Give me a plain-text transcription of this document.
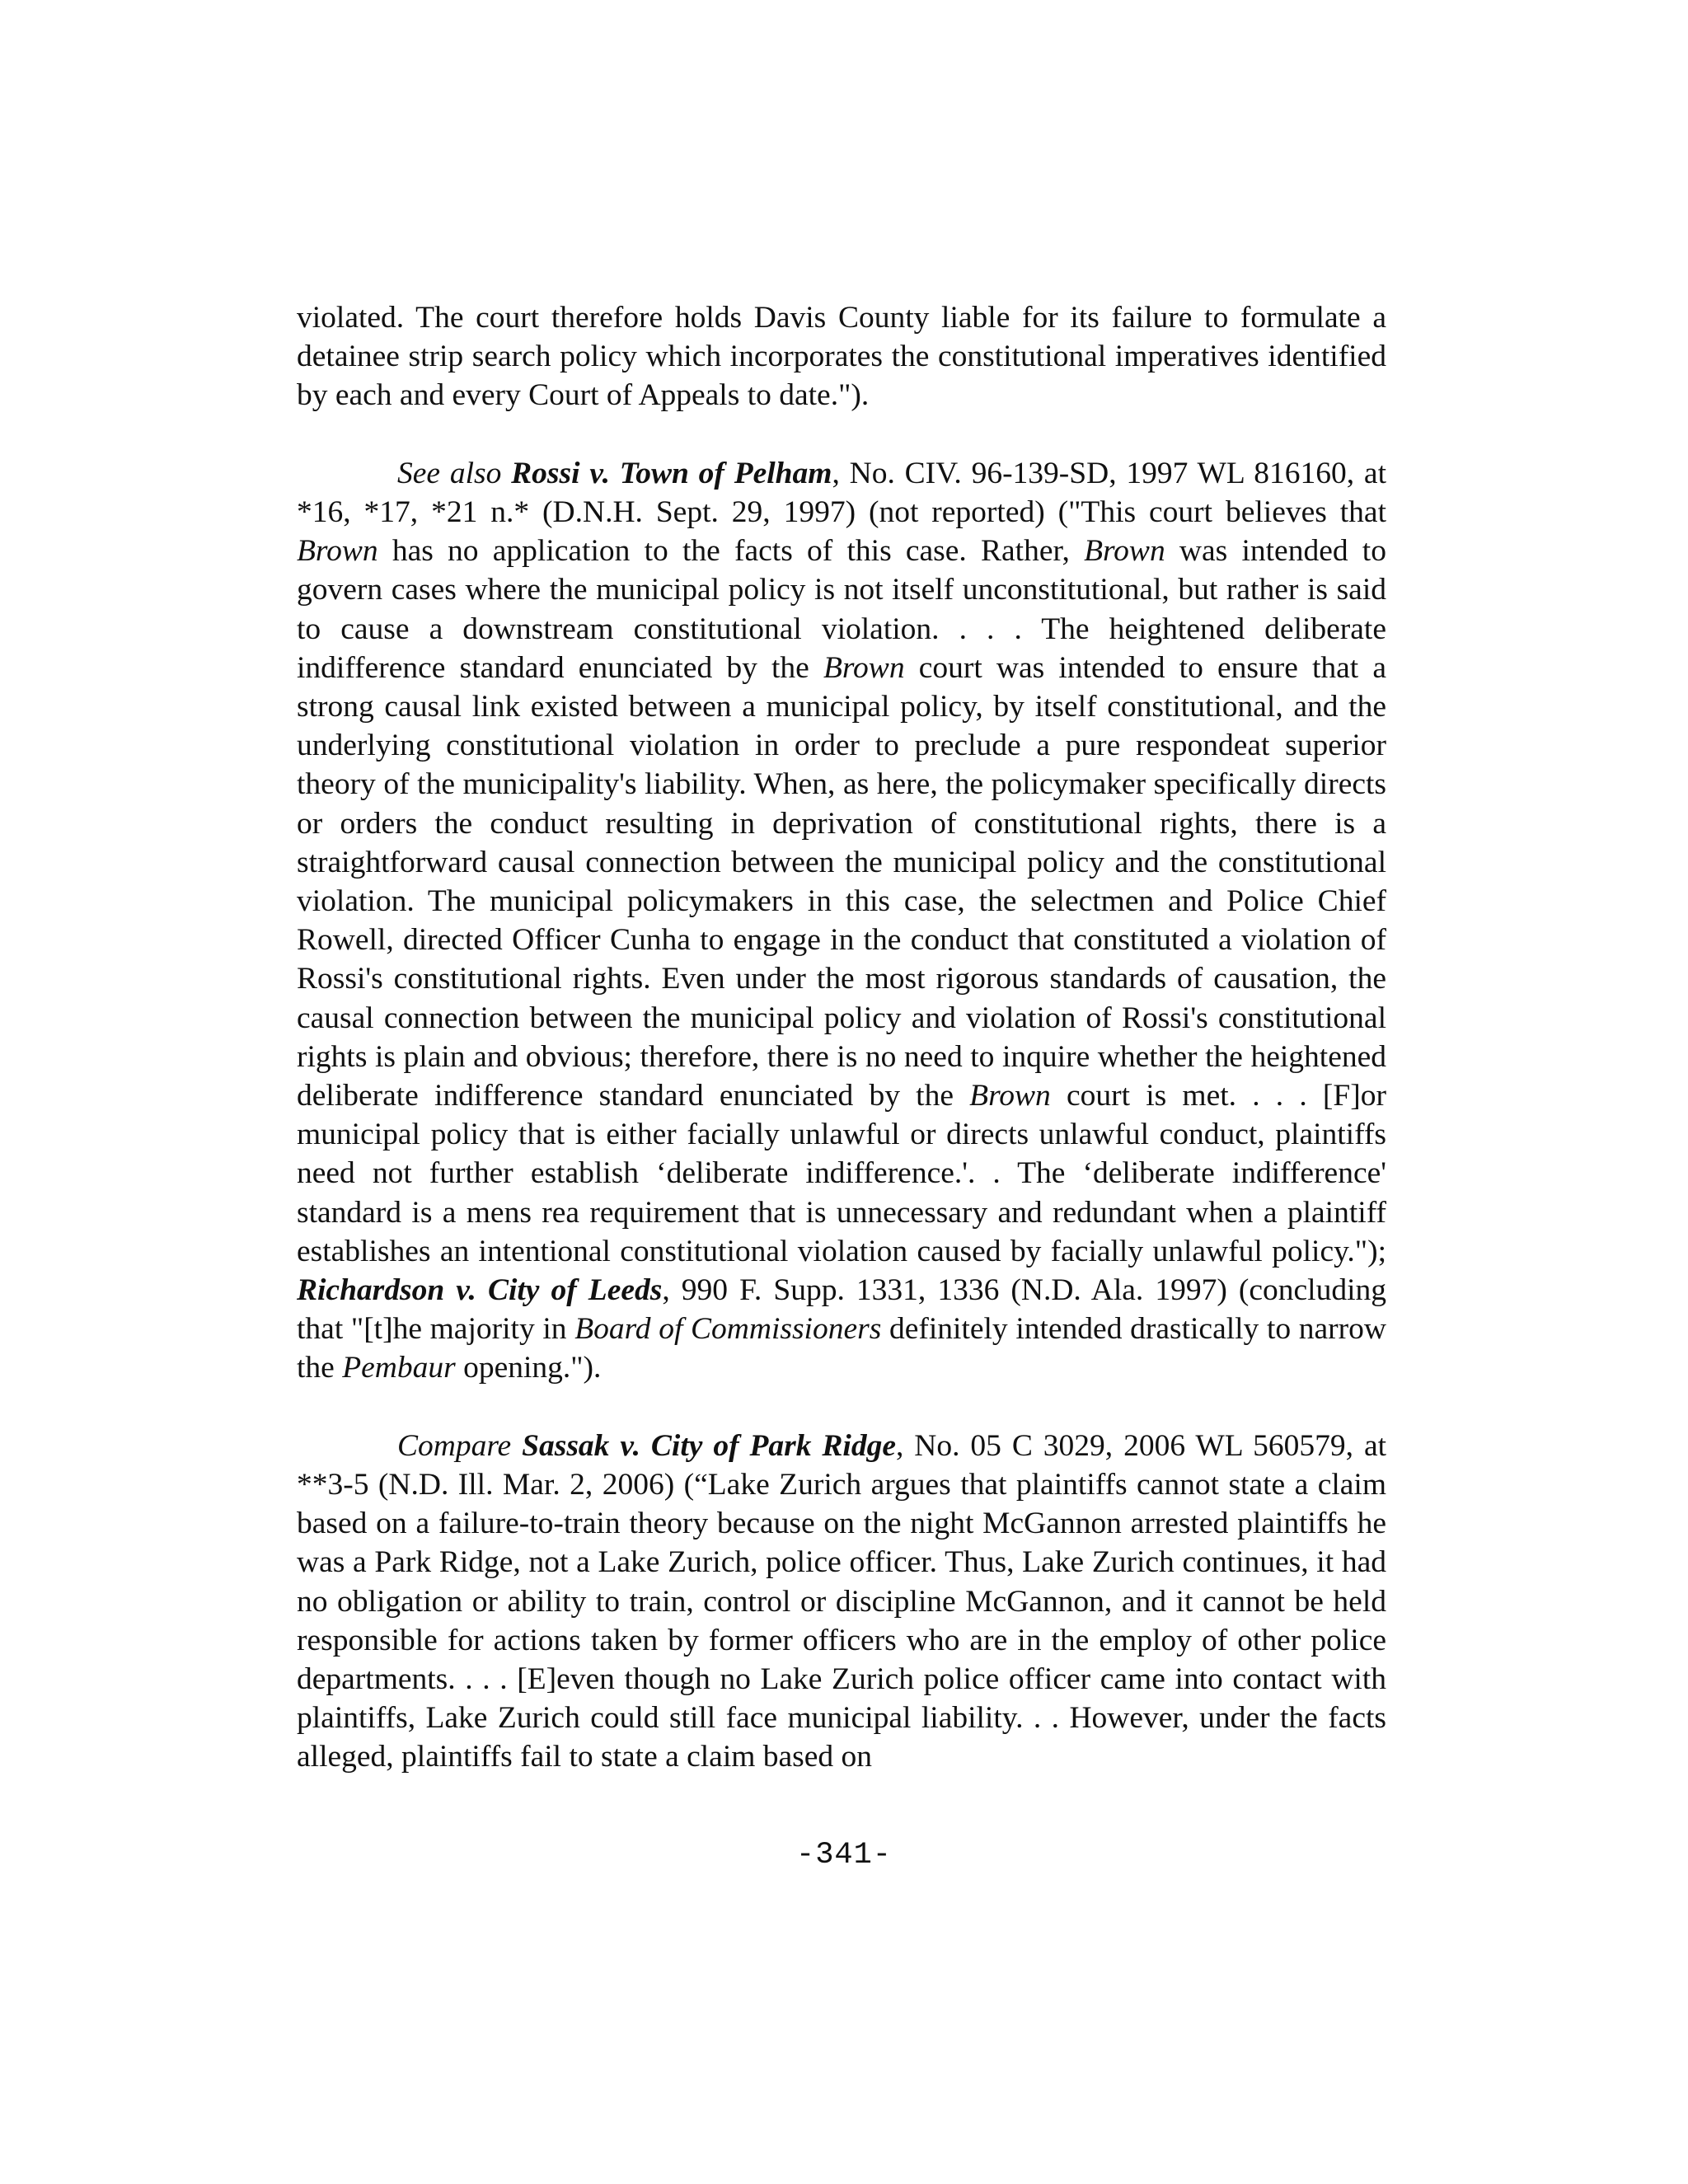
violated. The court therefore holds Davis County liable for its failure to formulate a detainee strip search policy which incorporates the constitutional imperatives identified by each and every Court of Appeals to date.").

See also Rossi v. Town of Pelham, No. CIV. 96-139-SD, 1997 WL 816160, at *16, *17, *21 n.* (D.N.H. Sept. 29, 1997) (not reported) ("This court believes that Brown has no application to the facts of this case. Rather, Brown was intended to govern cases where the municipal policy is not itself unconstitutional, but rather is said to cause a downstream constitutional violation. . . . The heightened deliberate indifference standard enunciated by the Brown court was intended to ensure that a strong causal link existed between a municipal policy, by itself constitutional, and the underlying constitutional violation in order to preclude a pure respondeat superior theory of the municipality's liability. When, as here, the policymaker specifically directs or orders the conduct resulting in deprivation of constitutional rights, there is a straightforward causal connection between the municipal policy and the constitutional violation. The municipal policymakers in this case, the selectmen and Police Chief Rowell, directed Officer Cunha to engage in the conduct that constituted a violation of Rossi's constitutional rights. Even under the most rigorous standards of causation, the causal connection between the municipal policy and violation of Rossi's constitutional rights is plain and obvious; therefore, there is no need to inquire whether the heightened deliberate indifference standard enunciated by the Brown court is met. . . . [F]or municipal policy that is either facially unlawful or directs unlawful conduct, plaintiffs need not further establish ‘deliberate indifference.'. . The ‘deliberate indifference' standard is a mens rea requirement that is unnecessary and redundant when a plaintiff establishes an intentional constitutional violation caused by facially unlawful policy."); Richardson v. City of Leeds, 990 F. Supp. 1331, 1336 (N.D. Ala. 1997) (concluding that "[t]he majority in Board of Commissioners definitely intended drastically to narrow the Pembaur opening.").

Compare Sassak v. City of Park Ridge, No. 05 C 3029, 2006 WL 560579, at **3-5 (N.D. Ill. Mar. 2, 2006) (“Lake Zurich argues that plaintiffs cannot state a claim based on a failure-to-train theory because on the night McGannon arrested plaintiffs he was a Park Ridge, not a Lake Zurich, police officer. Thus, Lake Zurich continues, it had no obligation or ability to train, control or discipline McGannon, and it cannot be held responsible for actions taken by former officers who are in the employ of other police departments. . . . [E]even though no Lake Zurich police officer came into contact with plaintiffs, Lake Zurich could still face municipal liability. . . However, under the facts alleged, plaintiffs fail to state a claim based on

-341-
